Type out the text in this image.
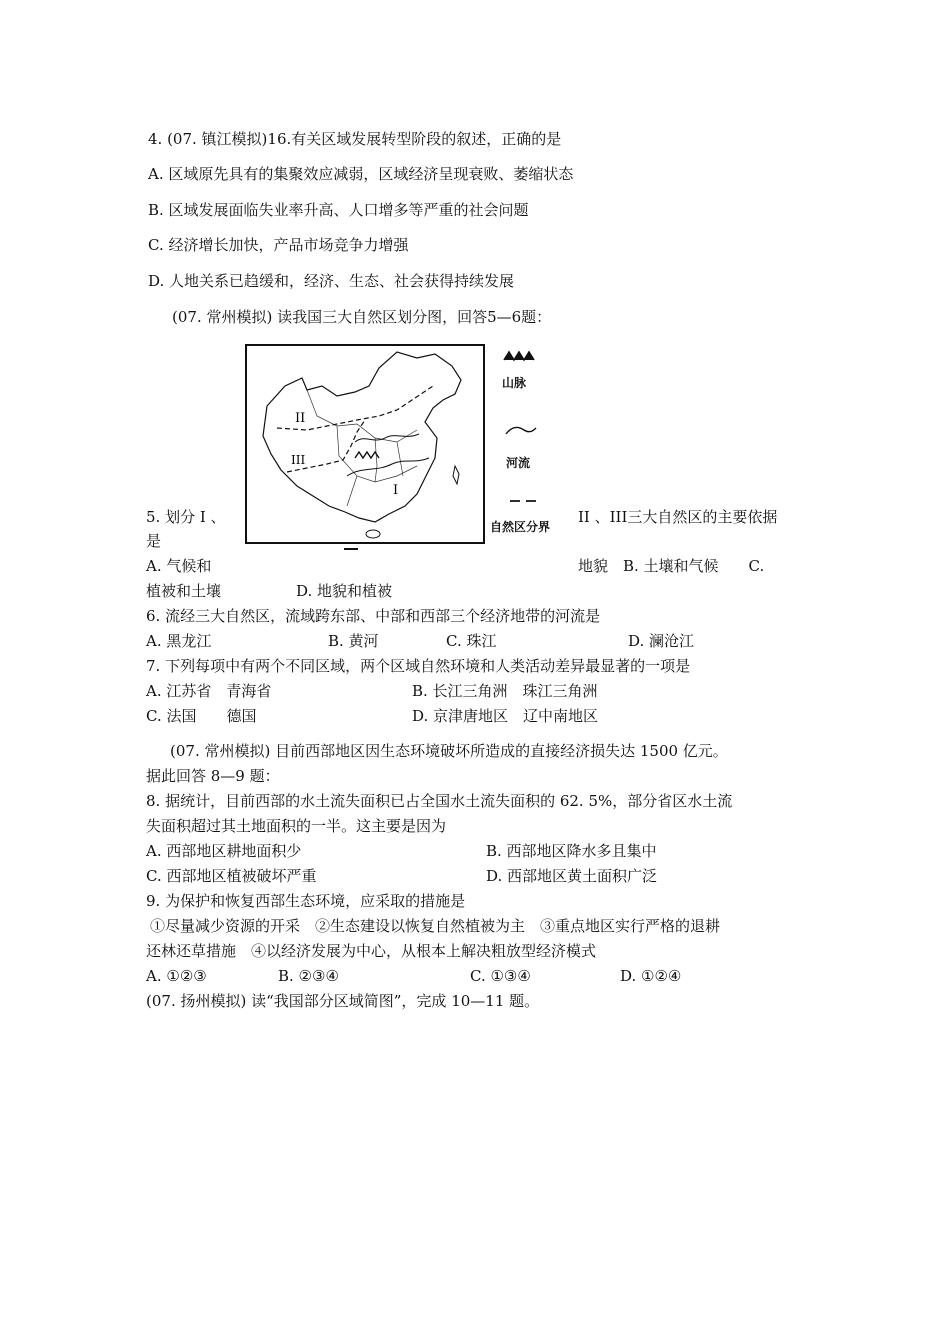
4. (07. 镇江模拟)16.有关区域发展转型阶段的叙述，正确的是
A. 区域原先具有的集聚效应减弱，区域经济呈现衰败、萎缩状态
B. 区域发展面临失业率升高、人口增多等严重的社会问题
C. 经济增长加快，产品市场竞争力增强
D. 人地关系已趋缓和，经济、生态、社会获得持续发展
(07. 常州模拟) 读我国三大自然区划分图，回答5—6题：
II
III
I
山脉
河流
自然区分界
5. 划分 I 、	II 、III三大自然区的主要依据
是
A. 气候和	地貌　B. 土壤和气候　　C.
植被和土壤　　　　　D. 地貌和植被
6. 流经三大自然区，流域跨东部、中部和西部三个经济地带的河流是
A. 黑龙江	B. 黄河	C. 珠江	D. 澜沧江
7. 下列每项中有两个不同区域，两个区域自然环境和人类活动差异最显著的一项是
A. 江苏省　青海省	B. 长江三角洲　珠江三角洲
C. 法国　　德国	D. 京津唐地区　辽中南地区
(07. 常州模拟) 目前西部地区因生态环境破坏所造成的直接经济损失达 1500 亿元。
据此回答 8—9 题：
8. 据统计，目前西部的水土流失面积已占全国水土流失面积的 62. 5%，部分省区水土流
失面积超过其土地面积的一半。这主要是因为
A. 西部地区耕地面积少	B. 西部地区降水多且集中
C. 西部地区植被破坏严重	D. 西部地区黄土面积广泛
9. 为保护和恢复西部生态环境，应采取的措施是
①尽量减少资源的开采　②生态建设以恢复自然植被为主　③重点地区实行严格的退耕
还林还草措施　④以经济发展为中心，从根本上解决粗放型经济模式
A. ①②③	B. ②③④	C. ①③④	D. ①②④
(07. 扬州模拟) 读“我国部分区域简图”，完成 10—11 题。
